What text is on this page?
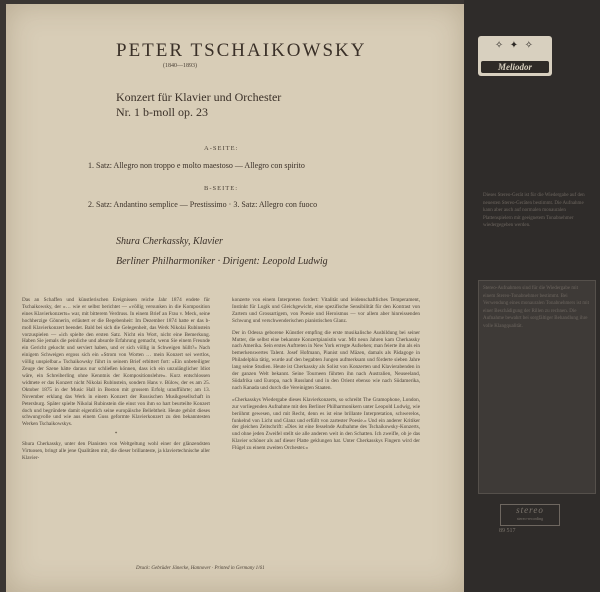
PETER TSCHAIKOWSKY
(1840—1893)
Konzert für Klavier und Orchester
Nr. 1 b-moll op. 23
A-SEITE:
1. Satz: Allegro non troppo e molto maestoso — Allegro con spirito
B-SEITE:
2. Satz: Andantino semplice — Prestissimo · 3. Satz: Allegro con fuoco
Shura Cherkassky, Klavier
Berliner Philharmoniker · Dirigent: Leopold Ludwig
Das an Schaffen und künstlerischen Ereignissen reiche Jahr 1874 endete für Tschaikowsky, der »… wie er selbst berichtet — »völlig versunken in die Komposition eines Klavierkonzerts« war, mit bitterem Verdruss. In einem Brief an Frau v. Meck, seine hochherzige Gönnerin, erläutert er die Begebenheit: Im Dezember 1874 hatte er das b-moll Klavierkonzert beendet. Bald bei sich die Gelegenheit, das Werk Nikolai Rubinstein vorzuspielen — »ich spielte den ersten Satz. Nicht ein Wort, nicht eine Bemerkung. Haben Sie jemals die peinliche und absurde Erfahrung gemacht, wenn Sie einem Freunde ein Gericht gekocht und serviert haben, und er sich völlig in Schweigen hüllt?« Nach einigem Schweigen ergoss sich ein »Strom von Worten … mein Konzert sei wertlos, völlig unspielbar.« Tschaikowsky führt in seinem Brief erbittert fort: »Ein unbeteiligter Zeuge der Szene hätte daraus nur schließen können, dass ich ein unzulänglicher Idiot wäre, ein Schreiberling ohne Kenntnis der Kompositionslehre«. Kurz entschlossen widmete er das Konzert nicht Nikolai Rubinstein, sondern Hans v. Bülow, der es am 25. Oktober 1875 in der Music Hall in Boston mit grossem Erfolg uraufführte; am 13. November erklang das Werk in einem Konzert der Russischen Musikgesellschaft in Petersburg. Später spielte Nikolai Rubinstein die einst von ihm so hart beurteilte Konzert doch und begründete damit eigentlich seine europäische Beliebtheit. Heute gehört dieses schwungvolle und wie aus einem Guss geformte Klavierkonzert zu den bekanntesten Werken Tschaikowskys.
*
Shura Cherkassky, unter den Pianisten von Weltgeltung wohl einer der glänzendsten Virtuosen, bringt alle jene Qualitäten mit, die dieser brillanteste, ja klaviertechnische aller Klavier-
konzerte von einem Interpreten fordert: Vitalität und leidenschaftliches Temperament, Instinkt für Logik und Gleichgewicht, eine spezifische Sensibilität für den Kontrast von Zartem und Grossartigem, von Poesie und Heroismus — vor allem aber hinreissenden Schwung und verschwenderischen pianistischen Glanz.
Der in Odessa geborene Künstler empfing die erste musikalische Ausbildung bei seiner Mutter, die selbst eine bekannte Konzertpianistin war. Mit neun Jahren kam Cherkassky nach Amerika. Sein erstes Auftreten in New York erregte Aufsehen; man feierte ihn als ein bemerkenswertes Talent. Josef Hofmann, Pianist und Mäzen, damals als Pädagoge in Philadelphia tätig, wurde auf den begabten Jungen aufmerksam und förderte sieben Jahre lang seine Studien. Heute ist Cherkassky als Solist von Konzerten und Klavierabenden in der ganzen Welt bekannt. Seine Tourneen führten ihn nach Australien, Neuseeland, Südafrika und Europa, nach Russland und in den Orient ebenso wie nach Südamerika, nach Kanada und durch die Vereinigten Staaten.
»Cherkasskys Wiedergabe dieses Klavierkonzerts, so schreibt The Gramophone, London, zur vorliegenden Aufnahme mit den Berliner Philharmonikern unter Leopold Ludwig, wie beriihmt gewesen, und mit Recht, denn es ist eine brillante Interpretation, schwerelos, funkelnd von Licht und Glanz und erfüllt von zartester Poesie.« Und ein anderer Kritiker der gleichen Zeitschrift: »Dies ist eine fesselnde Aufnahme des Tschaikowsky-Konzerts, und ohne jeden Zweifel stellt sie alle anderen weit in den Schatten. Ich zweifle, ob je das Klavier schöner als auf dieser Platte geklungen hat. Unter Cherkasskys Fingern wird der Flügel zu einem zweiten Orchester.«
Druck: Gebrüder Jänecke, Hannover · Printed in Germany 1/61
✧ ✦ ✧
Meliodor
Dieses Stereo-Gerät ist für die Wiedergabe auf den neuesten Stereo-Geräten bestimmt. Die Aufnahme kann aber auch auf normalen monauralen Plattenspielern mit geeignetem Tonabnehmer wiedergegeben werden.
Stereo-Aufnahmen sind für die Wiedergabe mit einem Stereo-Tonabnehmer bestimmt. Bei Verwendung eines monauralen Tonabnehmers ist mit einer Beschädigung der Rillen zu rechnen. Die Aufnahme bewahrt bei sorgfältiger Behandlung ihre volle Klangqualität.
stereo
stereo-recording
89 517
